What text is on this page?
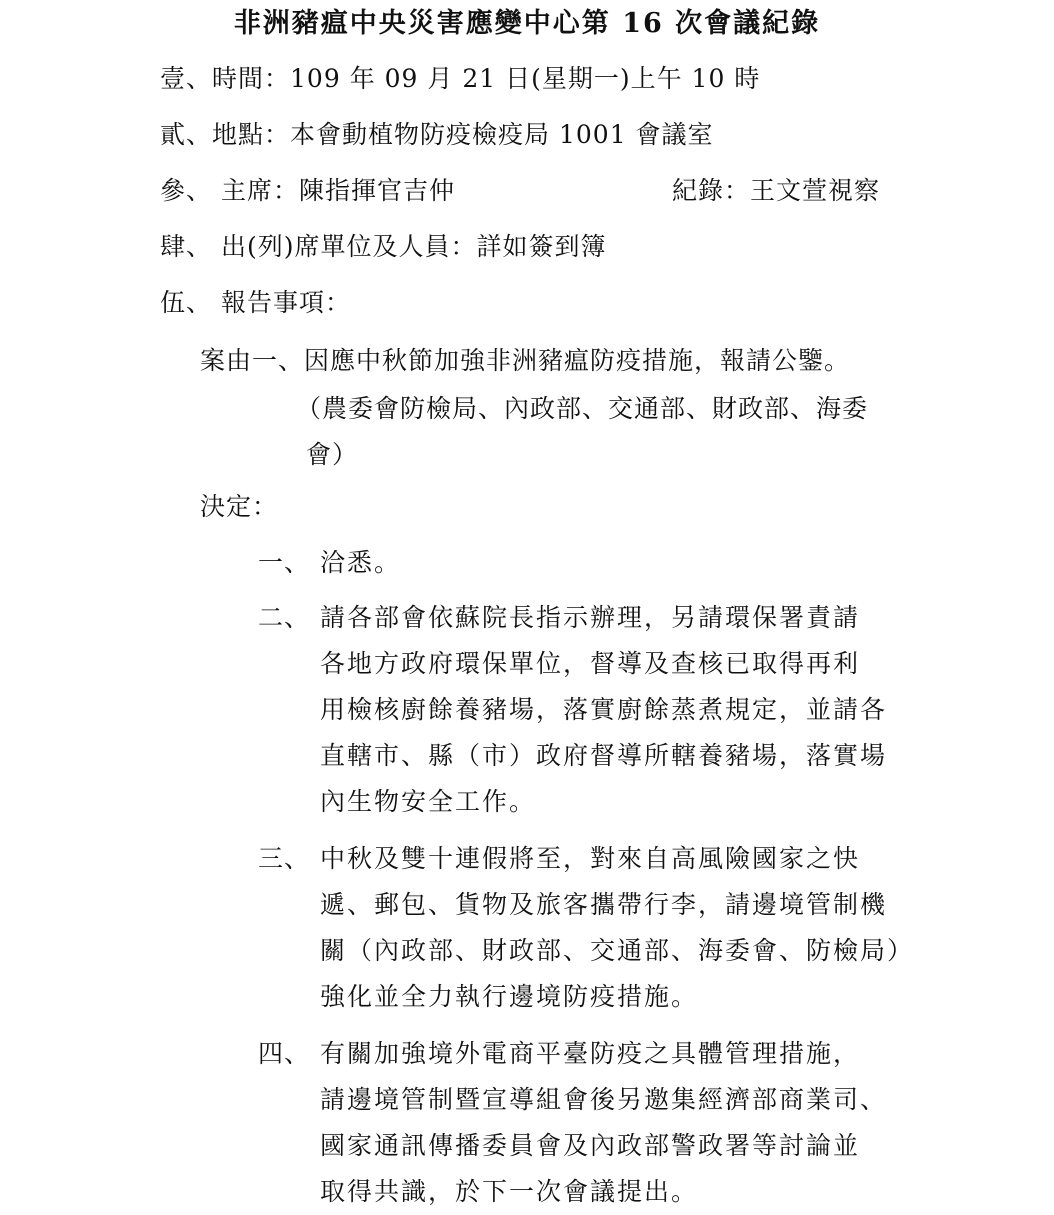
非洲豬瘟中央災害應變中心第 16 次會議紀錄
壹、時間：109 年 09 月 21 日(星期一)上午 10 時
貳、地點：本會動植物防疫檢疫局 1001 會議室
參、 主席：陳指揮官吉仲	紀錄：王文萱視察
肆、 出(列)席單位及人員：詳如簽到簿
伍、 報告事項：
案由一、因應中秋節加強非洲豬瘟防疫措施，報請公鑒。
（農委會防檢局、內政部、交通部、財政部、海委
會）
決定：
一、 洽悉。
二、 請各部會依蘇院長指示辦理，另請環保署責請
各地方政府環保單位，督導及查核已取得再利
用檢核廚餘養豬場，落實廚餘蒸煮規定，並請各
直轄市、縣（市）政府督導所轄養豬場，落實場
內生物安全工作。
三、 中秋及雙十連假將至，對來自高風險國家之快
遞、郵包、貨物及旅客攜帶行李，請邊境管制機
關（內政部、財政部、交通部、海委會、防檢局）
強化並全力執行邊境防疫措施。
四、 有關加強境外電商平臺防疫之具體管理措施，
請邊境管制暨宣導組會後另邀集經濟部商業司、
國家通訊傳播委員會及內政部警政署等討論並
取得共識，於下一次會議提出。
